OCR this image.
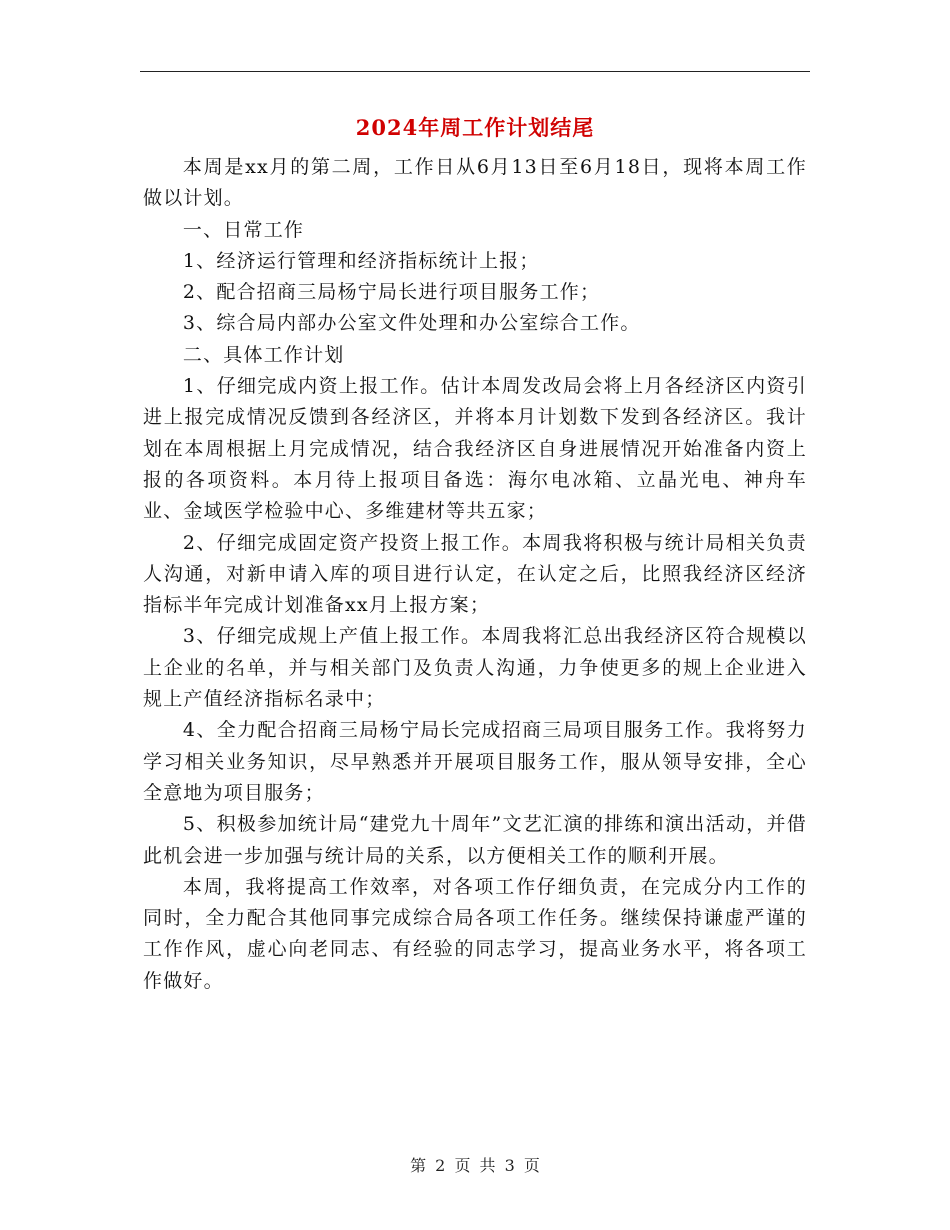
2024年周工作计划结尾

本周是xx月的第二周，工作日从6月13日至6月18日，现将本周工作做以计划。

一、日常工作

1、经济运行管理和经济指标统计上报；

2、配合招商三局杨宁局长进行项目服务工作；

3、综合局内部办公室文件处理和办公室综合工作。

二、具体工作计划

1、仔细完成内资上报工作。估计本周发改局会将上月各经济区内资引进上报完成情况反馈到各经济区，并将本月计划数下发到各经济区。我计划在本周根据上月完成情况，结合我经济区自身进展情况开始准备内资上报的各项资料。本月待上报项目备选：海尔电冰箱、立晶光电、神舟车业、金域医学检验中心、多维建材等共五家；

2、仔细完成固定资产投资上报工作。本周我将积极与统计局相关负责人沟通，对新申请入库的项目进行认定，在认定之后，比照我经济区经济指标半年完成计划准备xx月上报方案；

3、仔细完成规上产值上报工作。本周我将汇总出我经济区符合规模以上企业的名单，并与相关部门及负责人沟通，力争使更多的规上企业进入规上产值经济指标名录中；

4、全力配合招商三局杨宁局长完成招商三局项目服务工作。我将努力学习相关业务知识，尽早熟悉并开展项目服务工作，服从领导安排，全心全意地为项目服务；

5、积极参加统计局“建党九十周年”文艺汇演的排练和演出活动，并借此机会进一步加强与统计局的关系，以方便相关工作的顺利开展。

本周，我将提高工作效率，对各项工作仔细负责，在完成分内工作的同时，全力配合其他同事完成综合局各项工作任务。继续保持谦虚严谨的工作作风，虚心向老同志、有经验的同志学习，提高业务水平，将各项工作做好。

第 2 页 共 3 页
